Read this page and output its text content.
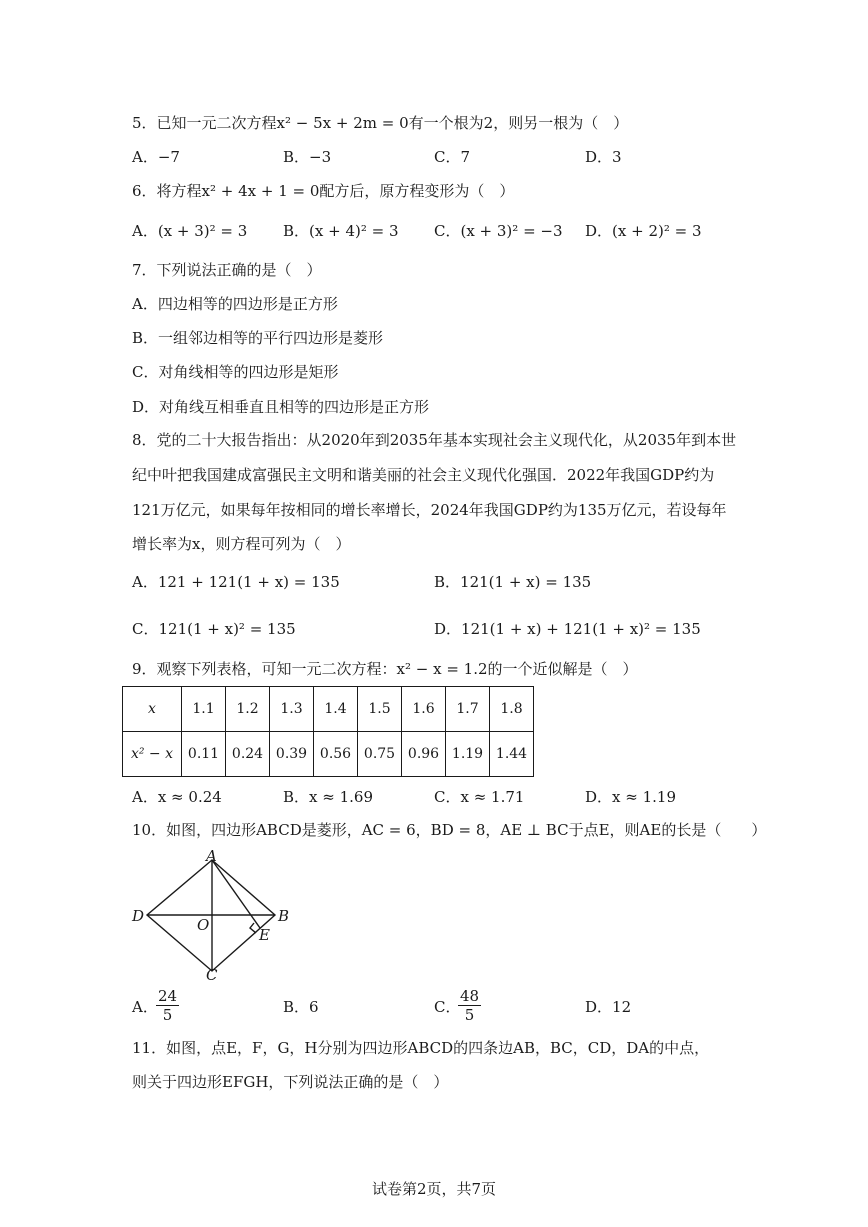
5．已知一元二次方程x² − 5x + 2m = 0有一个根为2，则另一根为（　）
A．−7	B．−3	C．7	D．3
6．将方程x² + 4x + 1 = 0配方后，原方程变形为（　）
A．(x + 3)² = 3 B．(x + 4)² = 3 C．(x + 3)² = −3 D．(x + 2)² = 3
7．下列说法正确的是（　）
A．四边相等的四边形是正方形
B．一组邻边相等的平行四边形是菱形
C．对角线相等的四边形是矩形
D．对角线互相垂直且相等的四边形是正方形
8．党的二十大报告指出：从2020年到2035年基本实现社会主义现代化，从2035年到本世
纪中叶把我国建成富强民主文明和谐美丽的社会主义现代化强国．2022年我国GDP约为
121万亿元，如果每年按相同的增长率增长，2024年我国GDP约为135万亿元，若设每年
增长率为x，则方程可列为（　）
A．121 + 121(1 + x) = 135	B．121(1 + x) = 135
C．121(1 + x)² = 135	D．121(1 + x) + 121(1 + x)² = 135
9．观察下列表格，可知一元二次方程：x² − x = 1.2的一个近似解是（　）
x	1.1	1.2	1.3	1.4	1.5	1.6	1.7	1.8
x² − x	0.11	0.24	0.39	0.56	0.75	0.96	1.19	1.44
A．x ≈ 0.24	B．x ≈ 1.69	C．x ≈ 1.71	D．x ≈ 1.19
10．如图，四边形ABCD是菱形，AC = 6，BD = 8，AE ⊥ BC于点E，则AE的长是（　　）
A
B
C
D	O
E
A．
$\frac{24}{5}$	B．6	C．
$\frac{48}{5}$	D．12
11．如图，点E，F，G，H分别为四边形ABCD的四条边AB，BC，CD，DA的中点，
则关于四边形EFGH，下列说法正确的是（　）
试卷第2页，共7页
